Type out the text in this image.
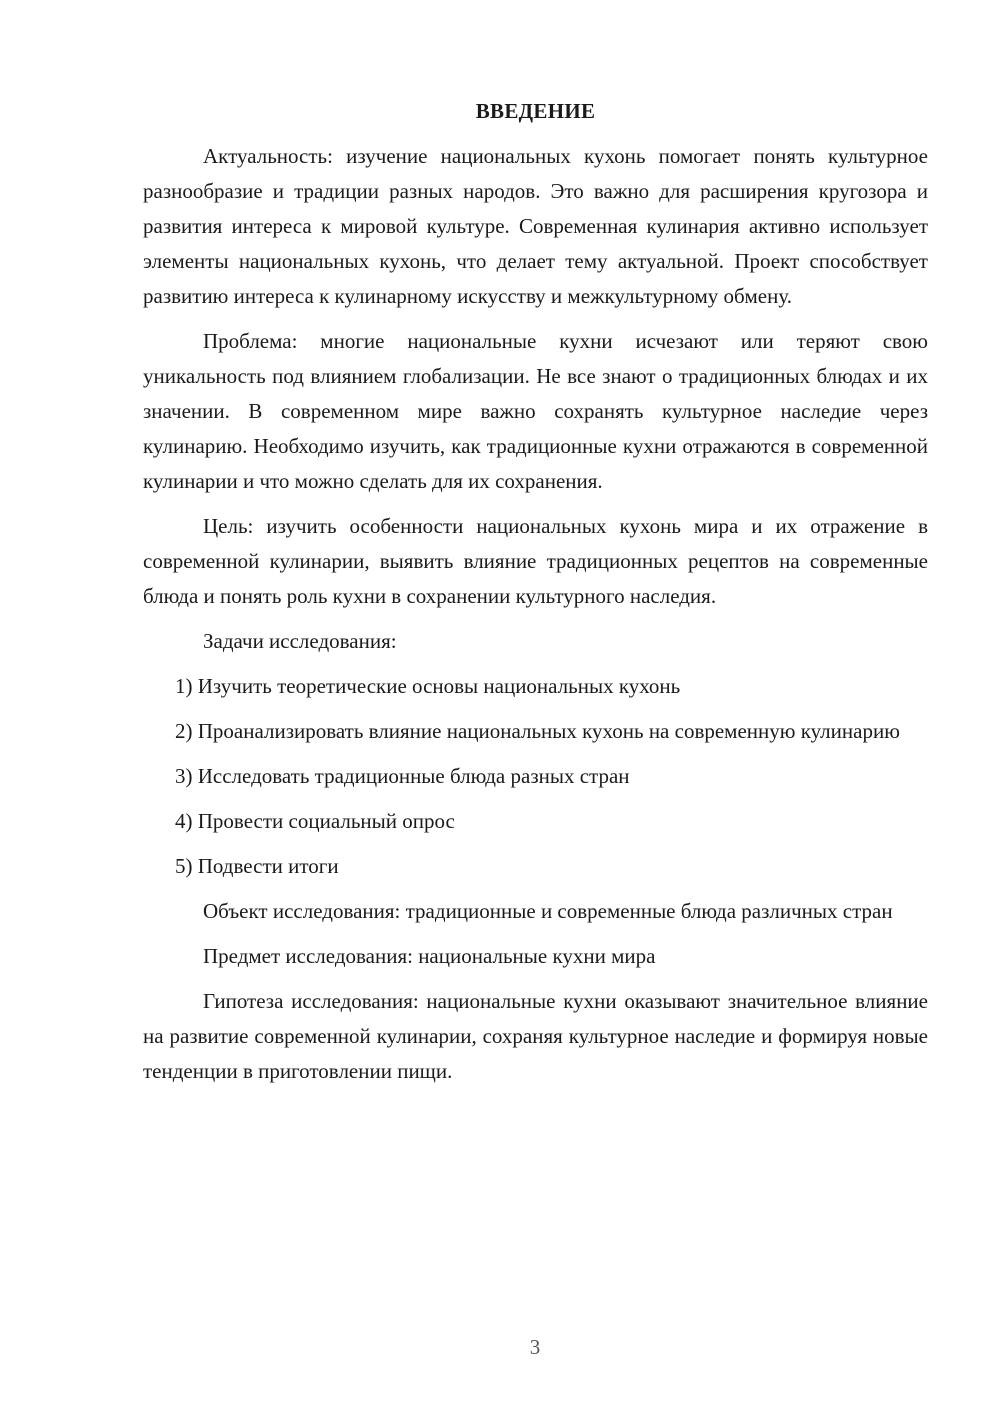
ВВЕДЕНИЕ

Актуальность: изучение национальных кухонь помогает понять культурное разнообразие и традиции разных народов. Это важно для расширения кругозора и развития интереса к мировой культуре. Современная кулинария активно использует элементы национальных кухонь, что делает тему актуальной. Проект способствует развитию интереса к кулинарному искусству и межкультурному обмену.

Проблема: многие национальные кухни исчезают или теряют свою уникальность под влиянием глобализации. Не все знают о традиционных блюдах и их значении. В современном мире важно сохранять культурное наследие через кулинарию. Необходимо изучить, как традиционные кухни отражаются в современной кулинарии и что можно сделать для их сохранения.

Цель: изучить особенности национальных кухонь мира и их отражение в современной кулинарии, выявить влияние традиционных рецептов на современные блюда и понять роль кухни в сохранении культурного наследия.

Задачи исследования:

1) Изучить теоретические основы национальных кухонь

2) Проанализировать влияние национальных кухонь на современную кулинарию

3) Исследовать традиционные блюда разных стран

4) Провести социальный опрос

5) Подвести итоги

Объект исследования: традиционные и современные блюда различных стран

Предмет исследования: национальные кухни мира

Гипотеза исследования: национальные кухни оказывают значительное влияние на развитие современной кулинарии, сохраняя культурное наследие и формируя новые тенденции в приготовлении пищи.

3
